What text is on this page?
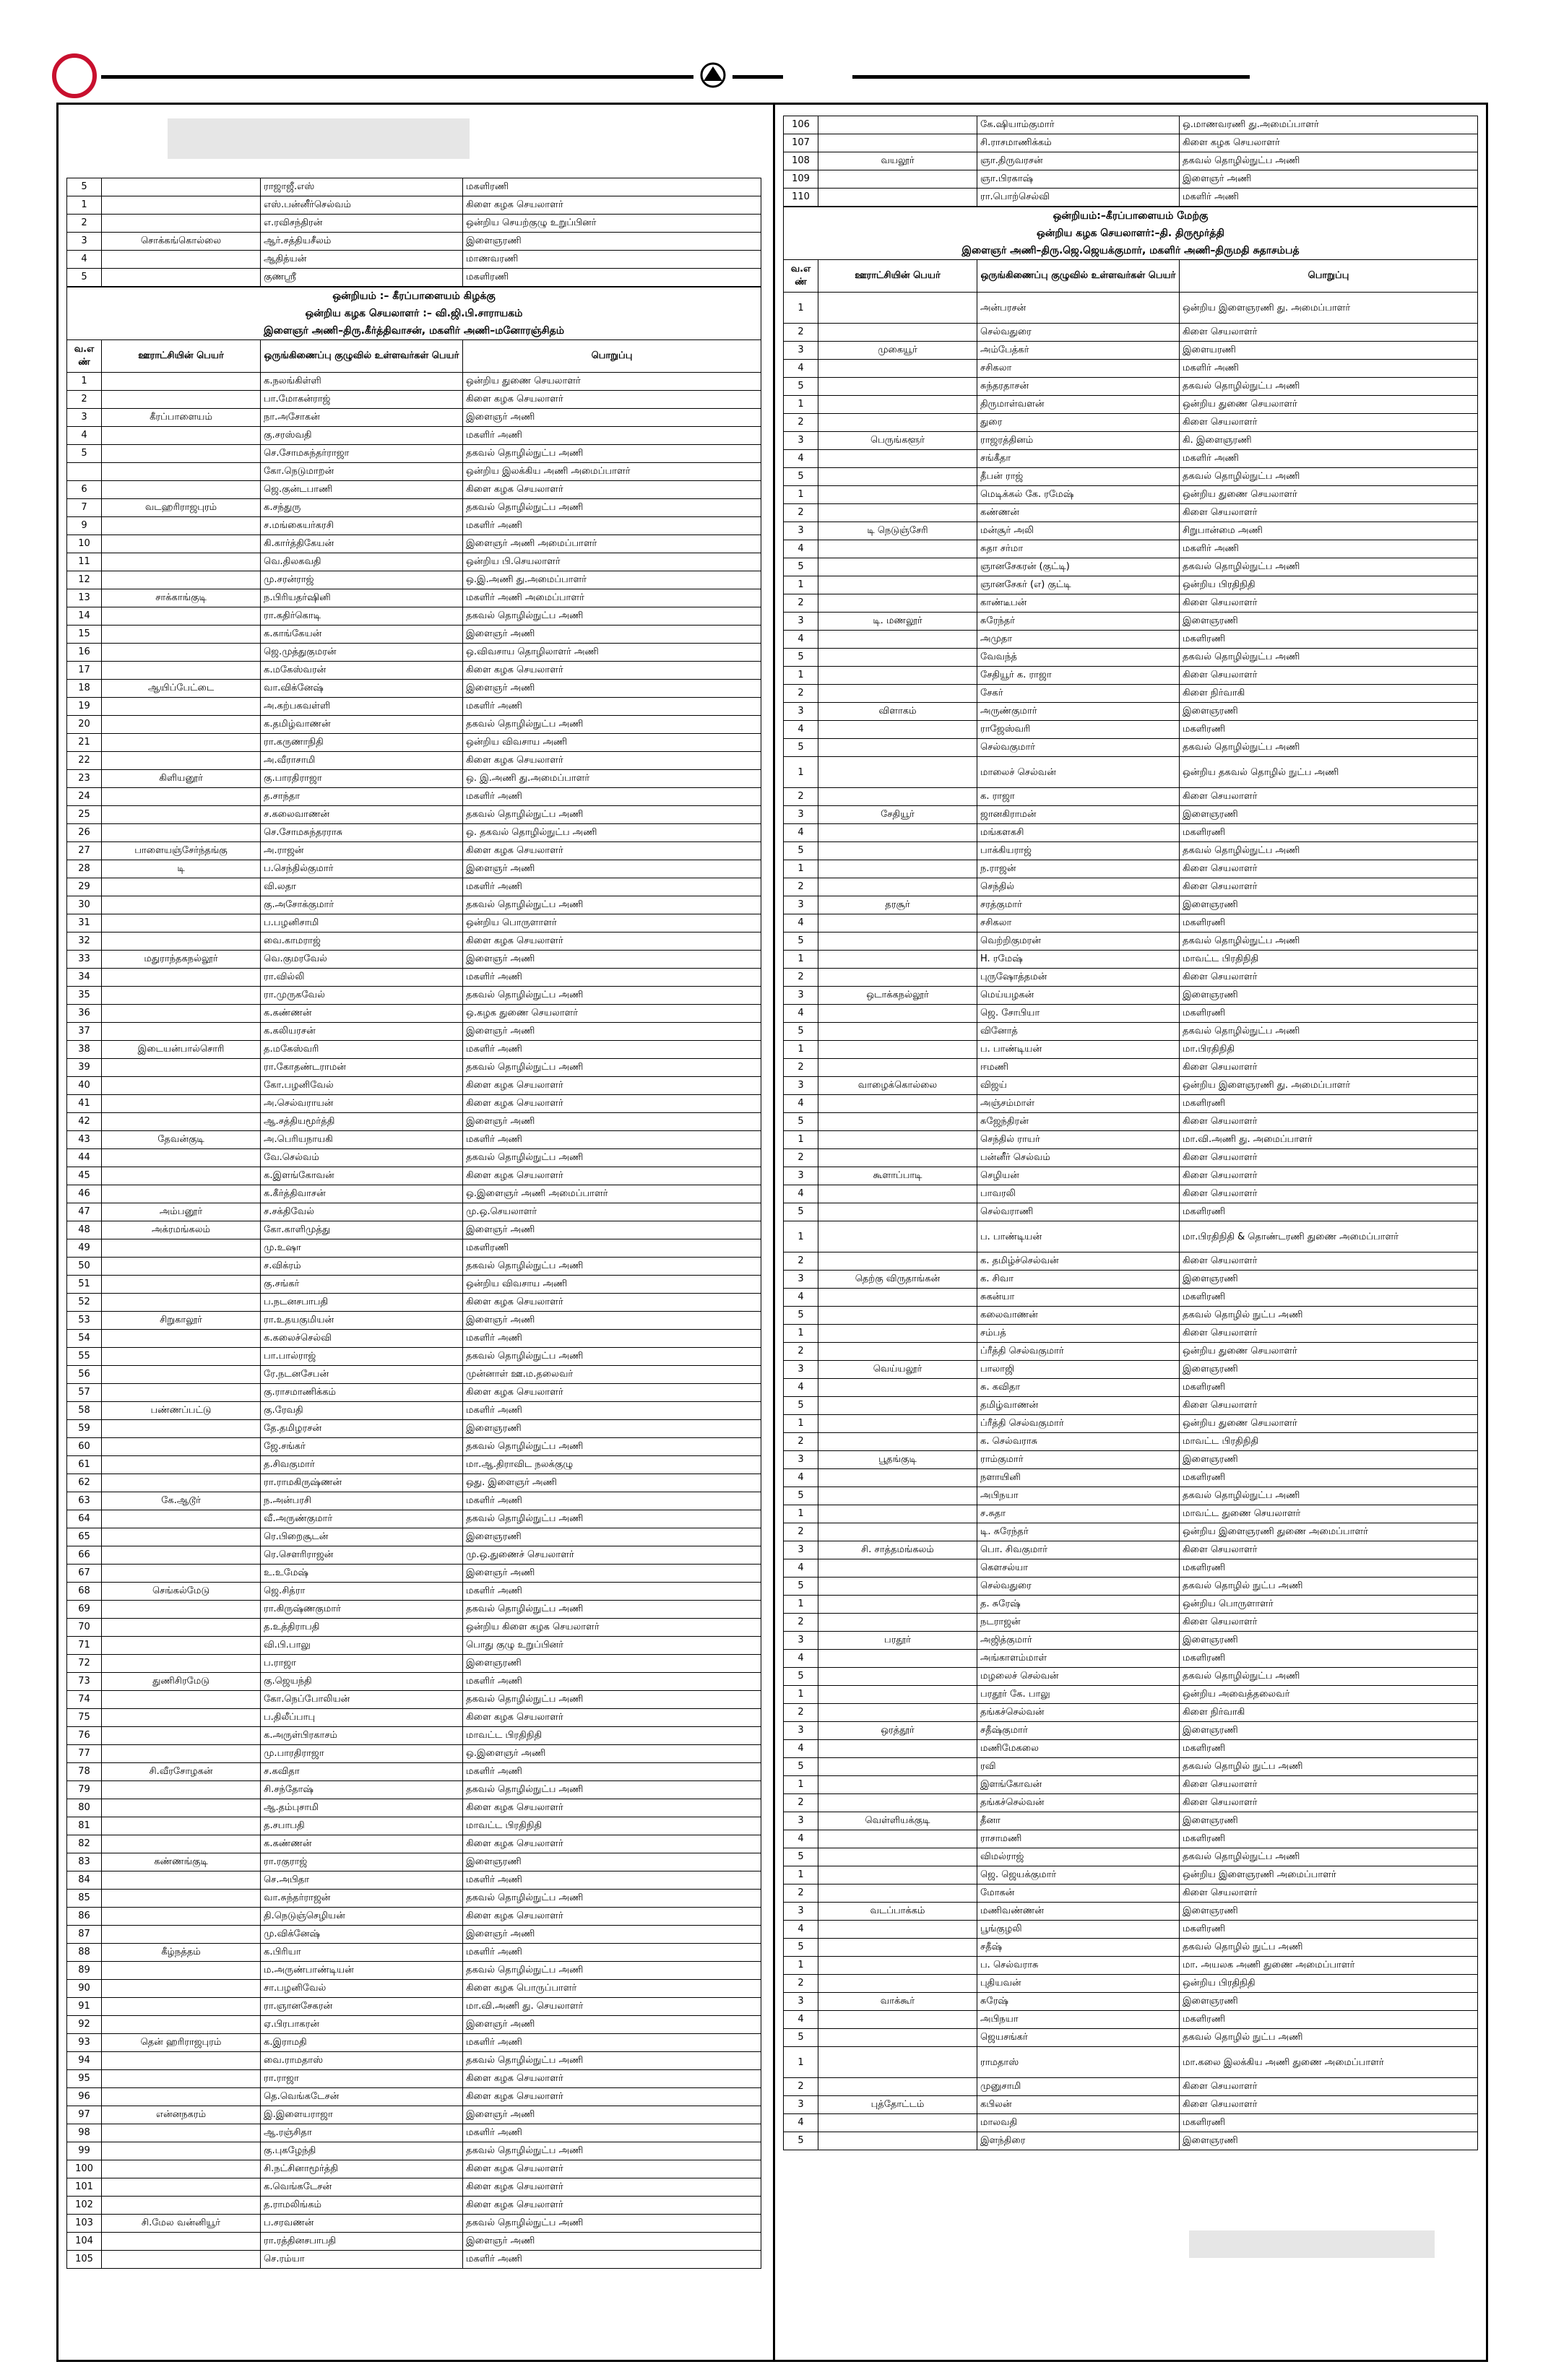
5		ராஜாஜீ.எஸ்	மகளிரணி
1		எஸ்.பன்னீர்செல்வம்	கிளை கழக செயலாளர்
2		எ.ரவிசந்திரன்	ஒன்றிய செயற்குழு உறுப்பினர்
3	சொக்கங்கொல்லை	ஆர்.சத்தியசீலம்	இளைஞரணி
4		ஆதித்யன்	மாணவரணி
5		குணஸ்ரீ	மகளிரணி
ஒன்றியம் :– கீரப்பாளையம் கிழக்கு
ஒன்றிய கழக செயலாளர் :– வி.ஜி.பி.சாராயகம்
இளைஞர் அணி–திரு.கீர்த்திவாசன், மகளிர் அணி–மனோரஞ்சிதம்
வ.எ ண்	ஊராட்சியின் பெயர்	ஒருங்கிணைப்பு குழுவில் உள்ளவர்கள் பெயர்	பொறுப்பு
1		க.நலங்கிள்ளி	ஒன்றிய துணை செயலாளர்
2		பா.மோகன்ராஜ்	கிளை கழக செயலாளர்
3	கீரப்பாளையம்	நா.அசோகன்	இளைஞர் அணி
4		கு.சரஸ்வதி	மகளிர் அணி
5		செ.சோமசுந்தர்ராஜா	தகவல் தொழில்நுட்ப அணி
		கோ.நெடுமாறன்	ஒன்றிய இலக்கிய அணி அமைப்பாளர்
6		ஜெ.குன்டபாணி	கிளை கழக செயலாளர்
7	வடஹரிராஜபுரம்	க.சந்துரு	தகவல் தொழில்நுட்ப அணி
9		ச.மங்கையர்கரசி	மகளிர் அணி
10		கி.கார்த்திகேயன்	இளைஞர் அணி அமைப்பாளர்
11		வெ.திலகவதி	ஒன்றிய பி.செயலாளர்
12		மு.சரன்ராஜ்	ஒ.இ.அணி து.அமைப்பாளர்
13	சாக்காங்குடி	ந.பிரியதர்ஷினி	மகளிர் அணி அமைப்பாளர்
14		ரா.கதிர்கொடி	தகவல் தொழில்நுட்ப அணி
15		க.காங்கேயன்	இளைஞர் அணி
16		ஜெ.முத்துகுமரன்	ஒ.விவசாய தொழிலாளர் அணி
17		க.மகேஸ்வரன்	கிளை கழக செயலாளர்
18	ஆயிப்பேட்டை	வா.விக்னேஷ்	இளைஞர் அணி
19		அ.கற்பகவள்ளி	மகளிர் அணி
20		க.தமிழ்வாணன்	தகவல் தொழில்நுட்ப அணி
21		ரா.கருணாநிதி	ஒன்றிய விவசாய அணி
22		அ.வீராசாமி	கிளை கழக செயலாளர்
23	கிளியனூர்	கு.பாரதிராஜா	ஒ. இ.அணி து.அமைப்பாளர்
24		த.சாந்தா	மகளிர் அணி
25		ச.கலைவாணன்	தகவல் தொழில்நுட்ப அணி
26		செ.சோமசுந்தரராசு	ஒ. தகவல் தொழில்நுட்ப அணி
27	பாளையஞ்சேர்ந்தங்கு	அ.ராஜன்	கிளை கழக செயலாளர்
28	டி	ப.செந்தில்குமார்	இளைஞர் அணி
29		வி.லதா	மகளிர் அணி
30		கு.அசோக்குமார்	தகவல் தொழில்நுட்ப அணி
31		ப.பழனிசாமி	ஒன்றிய பொருளாளர்
32		வை.காமராஜ்	கிளை கழக செயலாளர்
33	மதுராந்தகநல்லூர்	வெ.குமரவேல்	இளைஞர் அணி
34		ரா.வில்லி	மகளிர் அணி
35		ரா.முருகவேல்	தகவல் தொழில்நுட்ப அணி
36		க.கண்ணன்	ஒ.கழக துணை செயலாளர்
37		க.கலியரசன்	இளைஞர் அணி
38	இடையன்பால்சொரி	த.மகேஸ்வரி	மகளிர் அணி
39		ரா.கோதண்டராமன்	தகவல் தொழில்நுட்ப அணி
40		கோ.பழனிவேல்	கிளை கழக செயலாளர்
41		அ.செல்வராயன்	கிளை கழக செயலாளர்
42		ஆ.சத்தியமூர்த்தி	இளைஞர் அணி
43	தேவன்குடி	அ.பெரியநாயகி	மகளிர் அணி
44		வே.செல்வம்	தகவல் தொழில்நுட்ப அணி
45		க.இளங்கோவன்	கிளை கழக செயலாளர்
46		க.கீர்த்திவாசன்	ஒ.இளைஞர் அணி அமைப்பாளர்
47	அம்பனூர்	ச.சக்திவேல்	மு.ஒ.செயலாளர்
48	அக்ரமங்கலம்	கோ.காளிமுத்து	இளைஞர் அணி
49		மு.உஷா	மகளிரணி
50		ச.விக்ரம்	தகவல் தொழில்நுட்ப அணி
51		கு.சங்கர்	ஒன்றிய விவசாய அணி
52		ப.நடனசபாபதி	கிளை கழக செயலாளர்
53	சிறுகாலூர்	ரா.உதயகுமியன்	இளைஞர் அணி
54		க.கலைச்செல்வி	மகளிர் அணி
55		பா.பால்ராஜ்	தகவல் தொழில்நுட்ப அணி
56		ரே.நடனசேபன்	முன்னாள் ஊ.ம.தலைவர்
57		கு.ராசமாணிக்கம்	கிளை கழக செயலாளர்
58	பண்ணப்பட்டு	கு.ரேவதி	மகளிர் அணி
59		தே.தமிழரசன்	இளைஞரணி
60		ஜே.சங்கர்	தகவல் தொழில்நுட்ப அணி
61		த.சிவகுமார்	மா.ஆ.திராவிட நலக்குழு
62		ரா.ராமகிருஷ்ணன்	ஒது. இளைஞர் அணி
63	கே.ஆடூர்	ந.அன்பரசி	மகளிர் அணி
64		வீ.அருண்குமார்	தகவல் தொழில்நுட்ப அணி
65		ரெ.பிறைசூடன்	இளைஞரணி
66		ரெ.சௌரிராஜன்	மு.ஒ.துணைச் செயலாளர்
67		உ.உமேஷ்	இளைஞர் அணி
68	செங்கல்மேடு	ஜெ.சித்ரா	மகளிர் அணி
69		ரா.கிருஷ்ணகுமார்	தகவல் தொழில்நுட்ப அணி
70		த.உத்திராபதி	ஒன்றிய கிளை கழக செயலாளர்
71		வி.பி.பாலு	பொது குழு உறுப்பினர்
72		ப.ராஜா	இளைஞரணி
73	துணிசிரமேடு	கு.ஜெயந்தி	மகளிர் அணி
74		கோ.நெப்போலியன்	தகவல் தொழில்நுட்ப அணி
75		ப.திலீப்பாபு	கிளை கழக செயலாளர்
76		க.அருள்பிரகாசம்	மாவட்ட பிரதிநிதி
77		மு.பாரதிராஜா	ஒ.இளைஞர் அணி
78	சி.வீரசோழகன்	ச.கவிதா	மகளிர் அணி
79		சி.சந்தோஷ்	தகவல் தொழில்நுட்ப அணி
80		ஆ.தம்புசாமி	கிளை கழக செயலாளர்
81		த.சபாபதி	மாவட்ட பிரதிநிதி
82		க.கண்ணன்	கிளை கழக செயலாளர்
83	கண்ணங்குடி	ரா.ரகுராஜ்	இளைஞரணி
84		செ.அபிதா	மகளிர் அணி
85		வா.சுந்தர்ராஜன்	தகவல் தொழில்நுட்ப அணி
86		தி.நெடுஞ்செழியன்	கிளை கழக செயலாளர்
87		மு.விக்னேஷ்	இளைஞர் அணி
88	கீழ்நத்தம்	க.பிரியா	மகளிர் அணி
89		ம.அருண்பாண்டியன்	தகவல் தொழில்நுட்ப அணி
90		சா.பழனிவேல்	கிளை கழக பொருப்பாளர்
91		ரா.ஞானசேகரன்	மா.வி.அணி து. செயலாளர்
92		ஏ.பிரபாகரன்	இளைஞர் அணி
93	தென் ஹரிராஜபுரம்	க.இராமதி	மகளிர் அணி
94		வை.ராமதாஸ்	தகவல் தொழில்நுட்ப அணி
95		ரா.ராஜா	கிளை கழக செயலாளர்
96		தெ.வெங்கடேசன்	கிளை கழக செயலாளர்
97	என்னநகரம்	இ.இளையராஜா	இளைஞர் அணி
98		ஆ.ரஞ்சிதா	மகளிர் அணி
99		கு.புகழேந்தி	தகவல் தொழில்நுட்ப அணி
100		சி.நட்சினாமூர்த்தி	கிளை கழக செயலாளர்
101		க.வெங்கடேசன்	கிளை கழக செயலாளர்
102		த.ராமலிங்கம்	கிளை கழக செயலாளர்
103	சி.மேல வன்னியூர்	ப.சரவணன்	தகவல் தொழில்நுட்ப அணி
104		ரா.ரத்தினசபாபதி	இளைஞர் அணி
105		செ.ரம்யா	மகளிர் அணி
106		கே.ஷியாம்குமார்	ஒ.மாணவரணி து.அமைப்பாளர்
107		சி.ராசமாணிக்கம்	கிளை கழக செயலாளர்
108	வயலூர்	ஞா.திருவரசன்	தகவல் தொழில்நுட்ப அணி
109		ஞா.பிரகாஷ்	இளைஞர் அணி
110		ரா.பொற்செல்வி	மகளிர் அணி
ஒன்றியம்:–கீரப்பாளையம் மேற்கு
ஒன்றிய கழக செயலாளர்:–தி. திருமூர்த்தி
இளைஞர் அணி–திரு.ஜெ.ஜெயக்குமார், மகளிர் அணி–திருமதி சுதாசம்பத்
வ.எ ண்	ஊராட்சியின் பெயர்	ஒருங்கிணைப்பு குழுவில் உள்ளவர்கள் பெயர்	பொறுப்பு
1		அன்பரசன்	ஒன்றிய இளைஞரணி து. அமைப்பாளர்
2		செல்வதுரை	கிளை செயலாளர்
3	முகையூர்	அம்பேத்கர்	இளையரணி
4		சசிகலா	மகளிர் அணி
5		சுந்தரதாசன்	தகவல் தொழில்நுட்ப அணி
1		திருமாள்வளன்	ஒன்றிய துணை செயலாளர்
2		துரை	கிளை செயலாளர்
3	பெருங்களூர்	ராஜரத்தினம்	கி. இளைஞரணி
4		சங்கீதா	மகளிர் அணி
5		தீபன் ராஜ்	தகவல் தொழில்நுட்ப அணி
1		மெடிக்கல் கே. ரமேஷ்	ஒன்றிய துணை செயலாளர்
2		கண்ணன்	கிளை செயலாளர்
3	டி நெடுஞ்சேரி	மன்சூர் அலி	சிறுபான்மை அணி
4		சுதா சர்மா	மகளிர் அணி
5		ஞானசேகரன் (குட்டி)	தகவல் தொழில்நுட்ப அணி
1		ஞானசேகர் (எ) குட்டி	ஒன்றிய பிரதிநிதி
2		காண்டீபன்	கிளை செயலாளர்
3	டி. மணலூர்	சுரேந்தர்	இளைஞரணி
4		அமுதா	மகளிரணி
5		வேவந்த்	தகவல் தொழில்நுட்ப அணி
1		சேதியூர் க. ராஜா	கிளை செயலாளர்
2		சேகர்	கிளை நிர்வாகி
3	விளாகம்	அருண்குமார்	இளைஞரணி
4		ராஜேஸ்வரி	மகளிரணி
5		செல்வகுமார்	தகவல் தொழில்நுட்ப அணி
1		மாலைச் செல்வன்	ஒன்றிய தகவல் தொழில் நுட்ப அணி
2		க. ராஜா	கிளை செயலாளர்
3	சேதியூர்	ஜானகிராமன்	இளைஞரணி
4		மங்களகசி	மகளிரணி
5		பாக்கியராஜ்	தகவல் தொழில்நுட்ப அணி
1		ந.ராஜன்	கிளை செயலாளர்
2		செந்தில்	கிளை செயலாளர்
3	தரசூர்	சரத்குமார்	இளைஞரணி
4		சசிகலா	மகளிரணி
5		வெற்றிகுமரன்	தகவல் தொழில்நுட்ப அணி
1		H. ரமேஷ்	மாவட்ட பிரதிநிதி
2		புருஷோத்தமன்	கிளை செயலாளர்
3	ஒடாக்கநல்லூர்	மெய்யழகன்	இளைஞரணி
4		ஜெ. சோபியா	மகளிரணி
5		வினோத்	தகவல் தொழில்நுட்ப அணி
1		ப. பாண்டியன்	மா.பிரதிநிதி
2		ஈமணி	கிளை செயலாளர்
3	வாழைக்கொல்லை	விஜய்	ஒன்றிய இளைஞரணி து. அமைப்பாளர்
4		அஞ்சம்மாள்	மகளிரணி
5		சுஜேந்திரன்	கிளை செயலாளர்
1		செந்தில் ராயர்	மா.வி.அணி து. அமைப்பாளர்
2		பன்னீர் செல்வம்	கிளை செயலாளர்
3	கூளாப்பாடி	செழியன்	கிளை செயலாளர்
4		பாவரலி	கிளை செயலாளர்
5		செல்வராணி	மகளிரணி
1		ப. பாண்டியன்	மா.பிரதிநிதி & தொண்டரணி துணை அமைப்பாளர்
2		க. தமிழ்ச்செல்வன்	கிளை செயலாளர்
3	தெற்கு விருதாங்கன்	க. சிவா	இளைஞரணி
4		சுகன்யா	மகளிரணி
5		கலைவாணன்	தகவல் தொழில் நுட்ப அணி
1		சம்பத்	கிளை செயலாளர்
2		ப்ரீத்தி செல்வகுமார்	ஒன்றிய துணை செயலாளர்
3	வெய்யலூர்	பாலாஜி	இளைஞரணி
4		சு. கவிதா	மகளிரணி
5		தமிழ்வாணன்	கிளை செயலாளர்
1		ப்ரீத்தி செல்வகுமார்	ஒன்றிய துணை செயலாளர்
2		க. செல்வராசு	மாவட்ட பிரதிநிதி
3	பூதங்குடி	ராம்குமார்	இளைஞரணி
4		நளாயினி	மகளிரணி
5		அபிநயா	தகவல் தொழில்நுட்ப அணி
1		ச.சுதா	மாவட்ட துணை செயலாளர்
2		டி. சுரேந்தர்	ஒன்றிய இளைஞரணி துணை அமைப்பாளர்
3	சி. சாத்தமங்கலம்	பொ. சிவகுமார்	கிளை செயலாளர்
4		கௌசல்யா	மகளிரணி
5		செல்வதுரை	தகவல் தொழில் நுட்ப அணி
1		த. சுரேஷ்	ஒன்றிய பொருளாளர்
2		நடராஜன்	கிளை செயலாளர்
3	பரதூர்	அஜித்குமார்	இளைஞரணி
4		அங்காளம்மாள்	மகளிரணி
5		மழலைச் செல்வன்	தகவல் தொழில்நுட்ப அணி
1		பரதூர் கே. பாலு	ஒன்றிய அவைத்தலைவர்
2		தங்கச்செல்வன்	கிளை நிர்வாகி
3	ஒரத்தூர்	சதீஷ்குமார்	இளைஞரணி
4		மணிமேகலை	மகளிரணி
5		ரவி	தகவல் தொழில் நுட்ப அணி
1		இளங்கோவன்	கிளை செயலாளர்
2		தங்கச்செல்வன்	கிளை செயலாளர்
3	வெள்ளியக்குடி	தீனா	இளைஞரணி
4		ராசாமணி	மகளிரணி
5		விமல்ராஜ்	தகவல் தொழில்நுட்ப அணி
1		ஜெ. ஜெயக்குமார்	ஒன்றிய இளைஞரணி அமைப்பாளர்
2		மோகன்	கிளை செயலாளர்
3	வடப்பாக்கம்	மணிவண்ணன்	இளைஞரணி
4		பூங்குழலி	மகளிரணி
5		சதீஷ்	தகவல் தொழில் நுட்ப அணி
1		ப. செல்வராசு	மா. அயலக அணி துணை அமைப்பாளர்
2		புதியவன்	ஒன்றிய பிரதிநிதி
3	வாக்கூர்	சுரேஷ்	இளைஞரணி
4		அபிநயா	மகளிரணி
5		ஜெயசங்கர்	தகவல் தொழில் நுட்ப அணி
1		ராமதாஸ்	மா.கலை இலக்கிய அணி துணை அமைப்பாளர்
2		முனுசாமி	கிளை செயலாளர்
3	புத்தோட்டம்	கபிலன்	கிளை செயலாளர்
4		மாலவதி	மகளிரணி
5		இளந்திரை	இளைஞரணி
